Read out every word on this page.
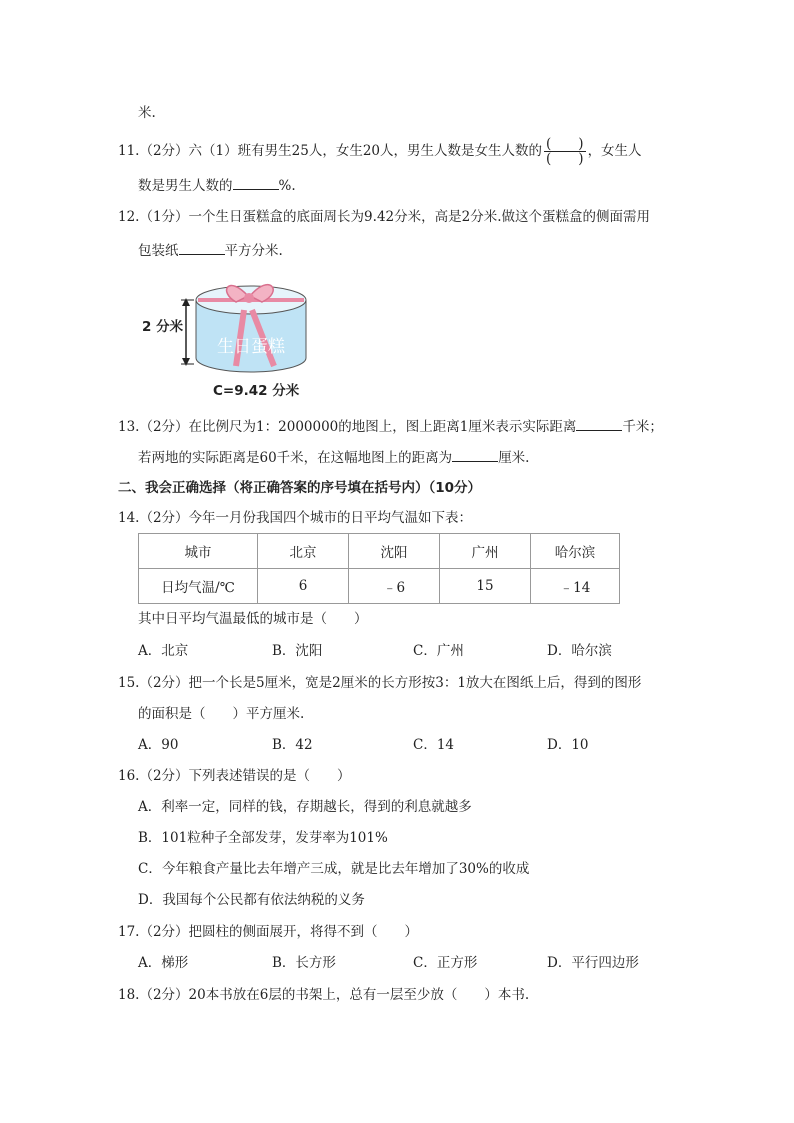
米.
11.（2分）六（1）班有男生25人，女生20人，男生人数是女生人数的 $\frac{( )}{( )}$ ，女生人
数是男生人数的	%.
12.（1分）一个生日蛋糕盒的底面周长为9.42分米，高是2分米.做这个蛋糕盒的侧面需用
包装纸	平方分米.
2 分米
生日蛋糕
C=9.42 分米
13.（2分）在比例尺为1：2000000的地图上，图上距离1厘米表示实际距离	千米；
若两地的实际距离是60千米，在这幅地图上的距离为	厘米.
二、我会正确选择（将正确答案的序号填在括号内）（10分）
14.（2分）今年一月份我国四个城市的日平均气温如下表：
城市	北京	沈阳	广州	哈尔滨
日均气温/℃	6	﹣6	15	﹣14
其中日平均气温最低的城市是（　　）
A．北京	B．沈阳	C．广州	D．哈尔滨
15.（2分）把一个长是5厘米，宽是2厘米的长方形按3：1放大在图纸上后，得到的图形
的面积是（　　）平方厘米.
A．90	B．42	C．14	D．10
16.（2分）下列表述错误的是（　　）
A．利率一定，同样的钱，存期越长，得到的利息就越多
B．101粒种子全部发芽，发芽率为101%
C．今年粮食产量比去年增产三成，就是比去年增加了30%的收成
D．我国每个公民都有依法纳税的义务
17.（2分）把圆柱的侧面展开，将得不到（　　）
A．梯形	B．长方形	C．正方形	D．平行四边形
18.（2分）20本书放在6层的书架上，总有一层至少放（　　）本书.
